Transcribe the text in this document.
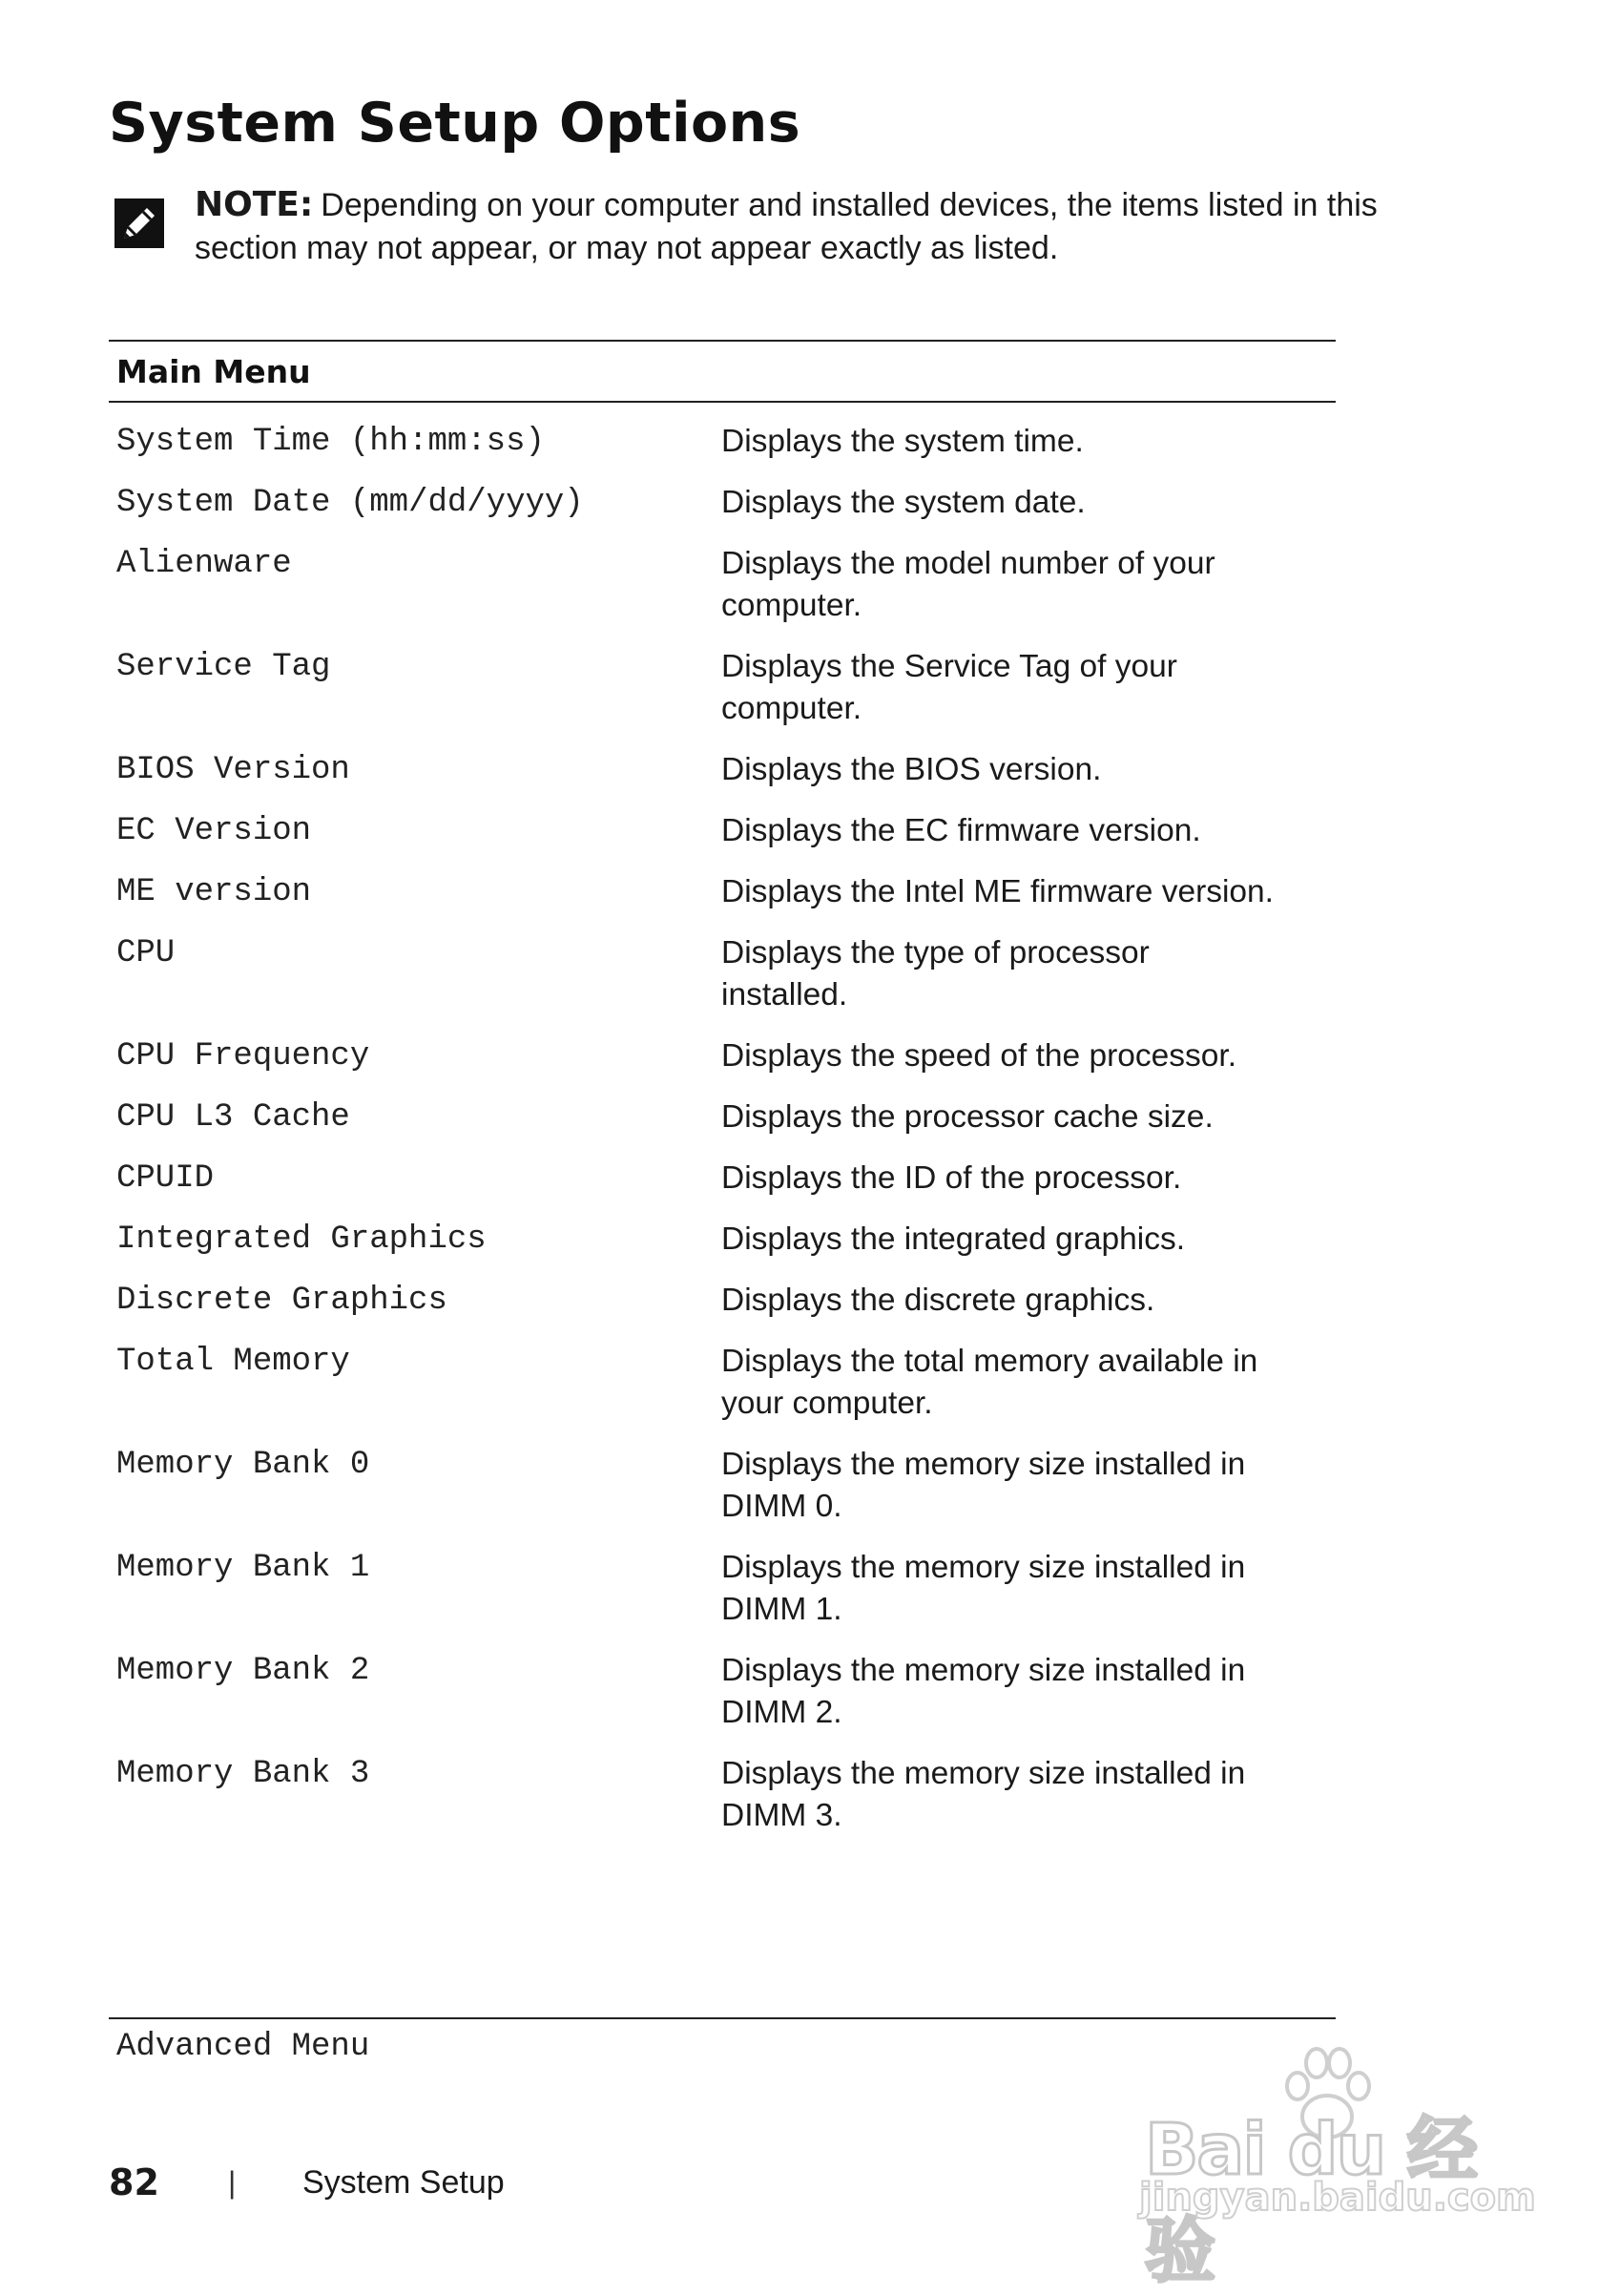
System Setup Options
NOTE: Depending on your computer and installed devices, the items listed in this
section may not appear, or may not appear exactly as listed.
Main Menu
System Time (hh:mm:ss)	Displays the system time.
System Date (mm/dd/yyyy)	Displays the system date.
Alienware	Displays the model number of your
computer.
Service Tag	Displays the Service Tag of your
computer.
BIOS Version	Displays the BIOS version.
EC Version	Displays the EC firmware version.
ME version	Displays the Intel ME firmware version.
CPU	Displays the type of processor
installed.
CPU Frequency	Displays the speed of the processor.
CPU L3 Cache	Displays the processor cache size.
CPUID	Displays the ID of the processor.
Integrated Graphics	Displays the integrated graphics.
Discrete Graphics	Displays the discrete graphics.
Total Memory	Displays the total memory available in
your computer.
Memory Bank 0	Displays the memory size installed in
DIMM 0.
Memory Bank 1	Displays the memory size installed in
DIMM 1.
Memory Bank 2	Displays the memory size installed in
DIMM 2.
Memory Bank 3	Displays the memory size installed in
DIMM 3.
Advanced Menu
82	|	System Setup	Bai du 经验
jingyan.baidu.com
